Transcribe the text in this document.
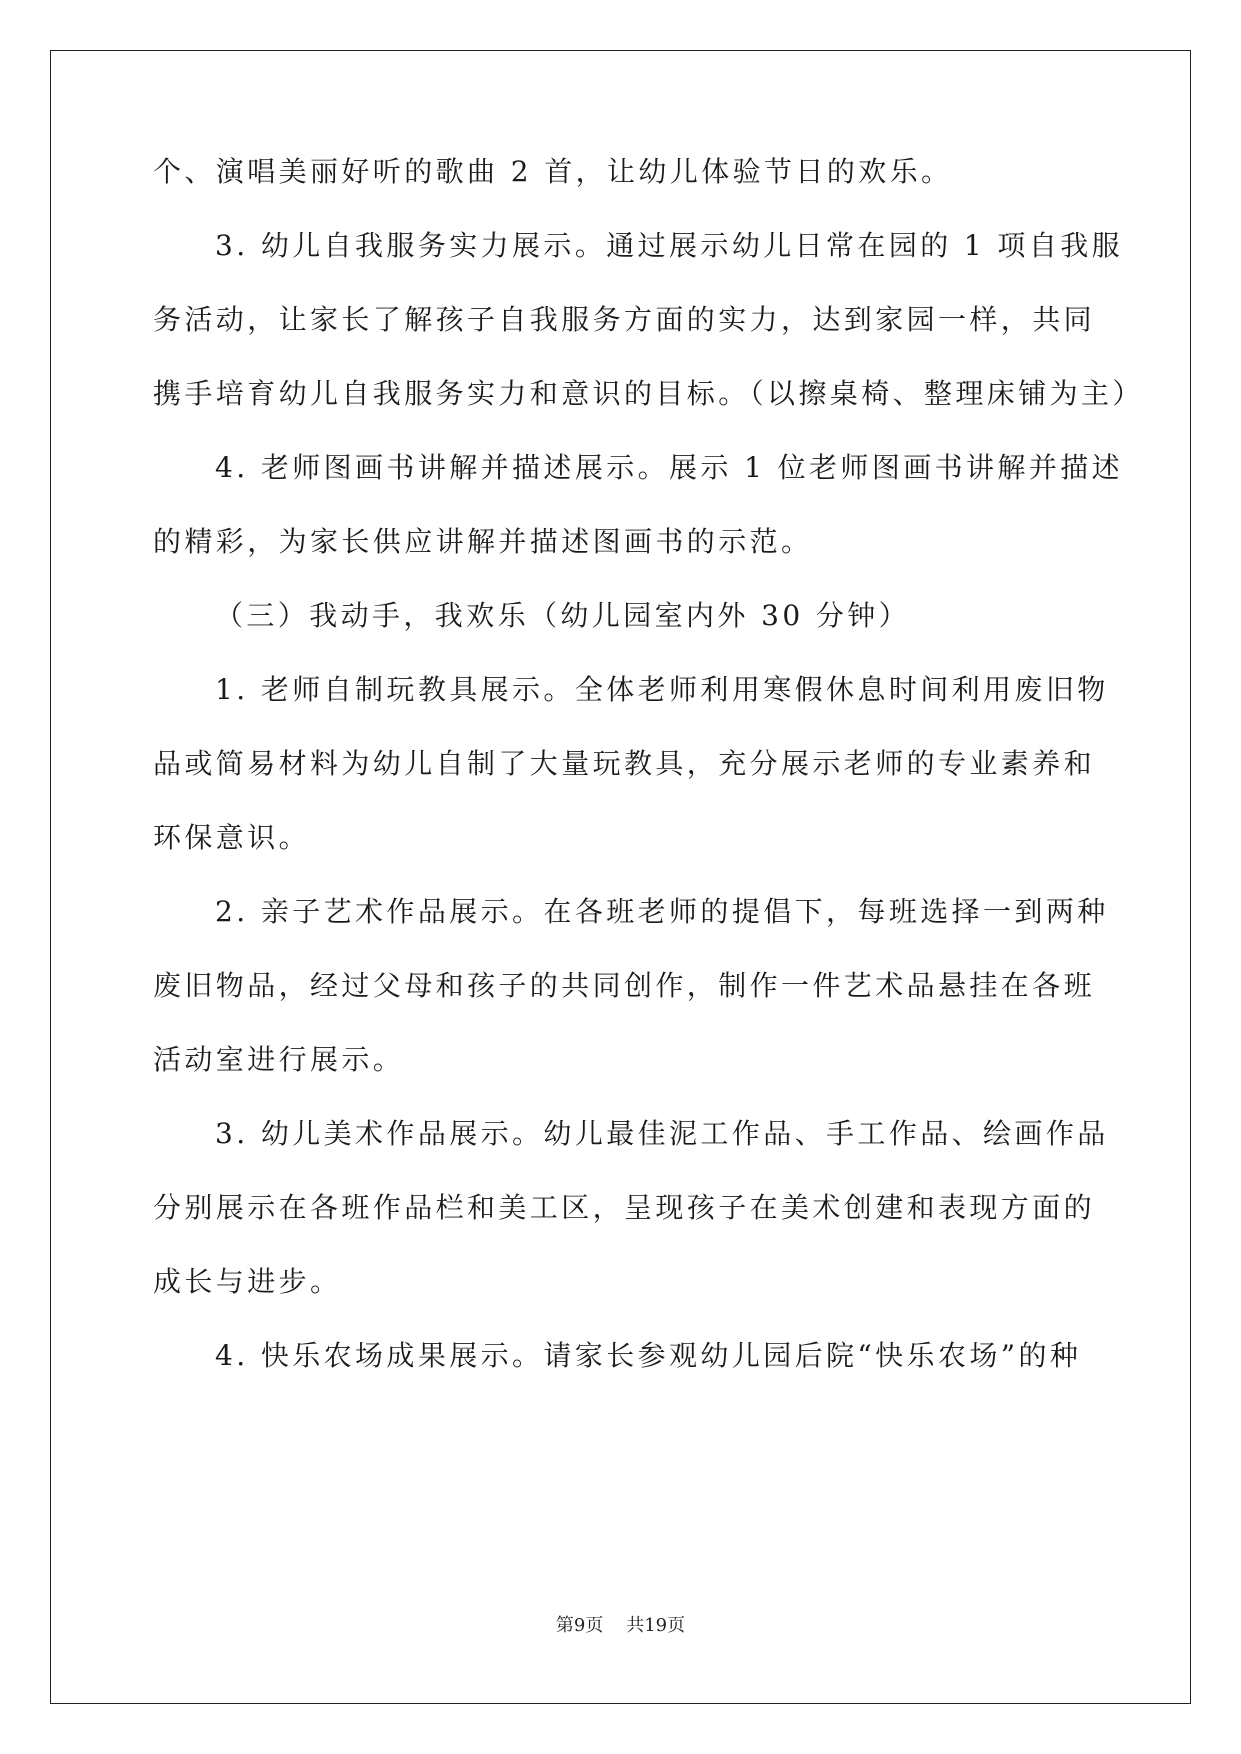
个、演唱美丽好听的歌曲 2 首，让幼儿体验节日的欢乐。
3. 幼儿自我服务实力展示。通过展示幼儿日常在园的 1 项自我服
务活动，让家长了解孩子自我服务方面的实力，达到家园一样，共同
携手培育幼儿自我服务实力和意识的目标。（以擦桌椅、整理床铺为主）
4. 老师图画书讲解并描述展示。展示 1 位老师图画书讲解并描述
的精彩，为家长供应讲解并描述图画书的示范。
（三）我动手，我欢乐（幼儿园室内外 30 分钟）
1. 老师自制玩教具展示。全体老师利用寒假休息时间利用废旧物
品或简易材料为幼儿自制了大量玩教具，充分展示老师的专业素养和
环保意识。
2. 亲子艺术作品展示。在各班老师的提倡下，每班选择一到两种
废旧物品，经过父母和孩子的共同创作，制作一件艺术品悬挂在各班
活动室进行展示。
3. 幼儿美术作品展示。幼儿最佳泥工作品、手工作品、绘画作品
分别展示在各班作品栏和美工区，呈现孩子在美术创建和表现方面的
成长与进步。
4. 快乐农场成果展示。请家长参观幼儿园后院“快乐农场”的种
第9页 共19页
